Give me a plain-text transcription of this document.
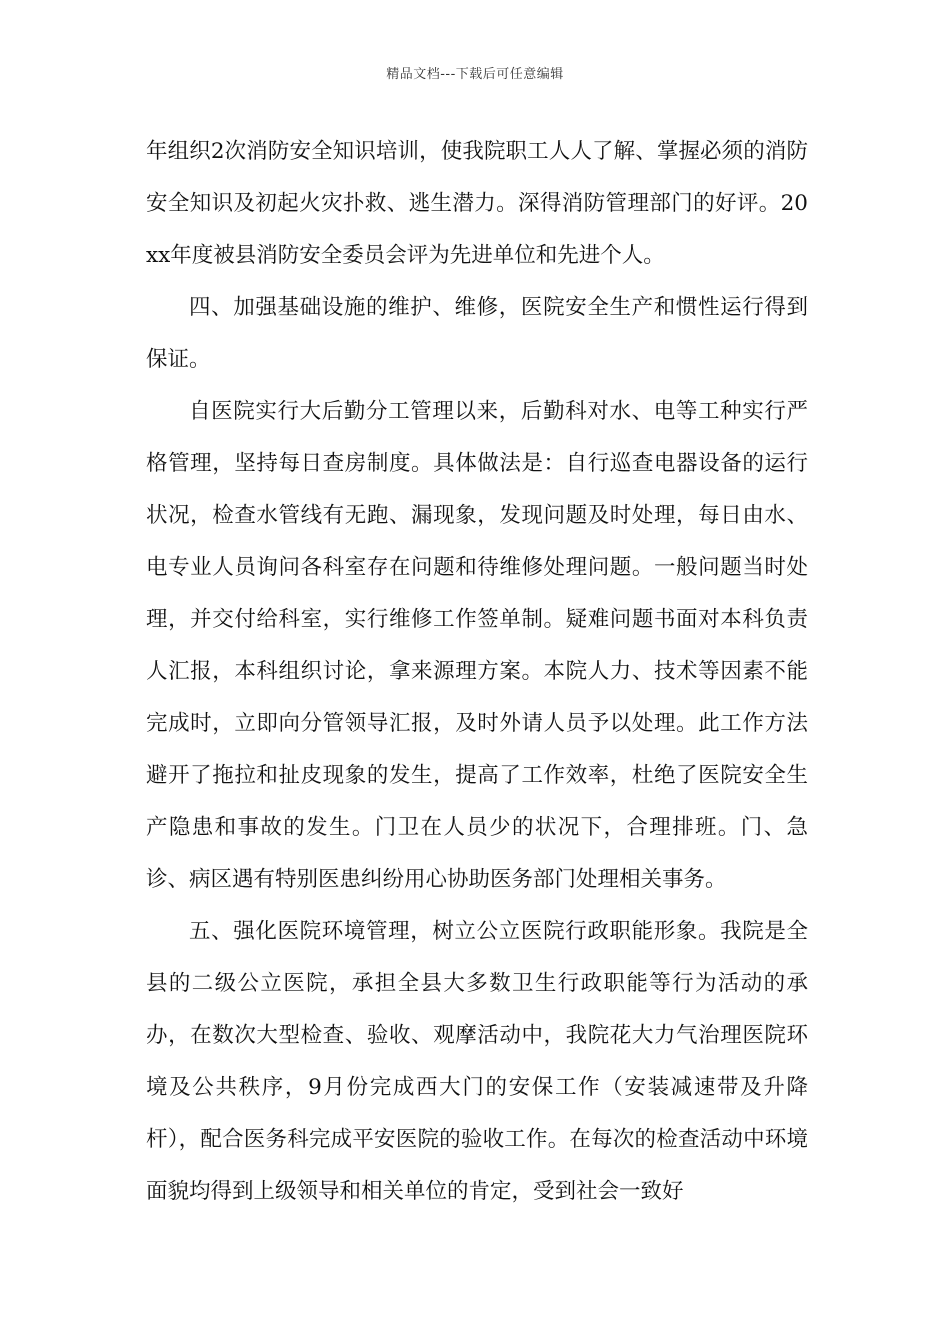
精品文档---下载后可任意编辑

年组织2次消防安全知识培训，使我院职工人人了解、掌握必须的消防安全知识及初起火灾扑救、逃生潜力。深得消防管理部门的好评。20xx年度被县消防安全委员会评为先进单位和先进个人。

四、加强基础设施的维护、维修，医院安全生产和惯性运行得到保证。

自医院实行大后勤分工管理以来，后勤科对水、电等工种实行严格管理，坚持每日查房制度。具体做法是：自行巡查电器设备的运行状况，检查水管线有无跑、漏现象，发现问题及时处理，每日由水、电专业人员询问各科室存在问题和待维修处理问题。一般问题当时处理，并交付给科室，实行维修工作签单制。疑难问题书面对本科负责人汇报，本科组织讨论，拿来源理方案。本院人力、技术等因素不能完成时，立即向分管领导汇报，及时外请人员予以处理。此工作方法避开了拖拉和扯皮现象的发生，提高了工作效率，杜绝了医院安全生产隐患和事故的发生。门卫在人员少的状况下，合理排班。门、急诊、病区遇有特别医患纠纷用心协助医务部门处理相关事务。

五、强化医院环境管理，树立公立医院行政职能形象。我院是全县的二级公立医院，承担全县大多数卫生行政职能等行为活动的承办，在数次大型检查、验收、观摩活动中，我院花大力气治理医院环境及公共秩序，9月份完成西大门的安保工作（安装减速带及升降杆），配合医务科完成平安医院的验收工作。在每次的检查活动中环境面貌均得到上级领导和相关单位的肯定，受到社会一致好
